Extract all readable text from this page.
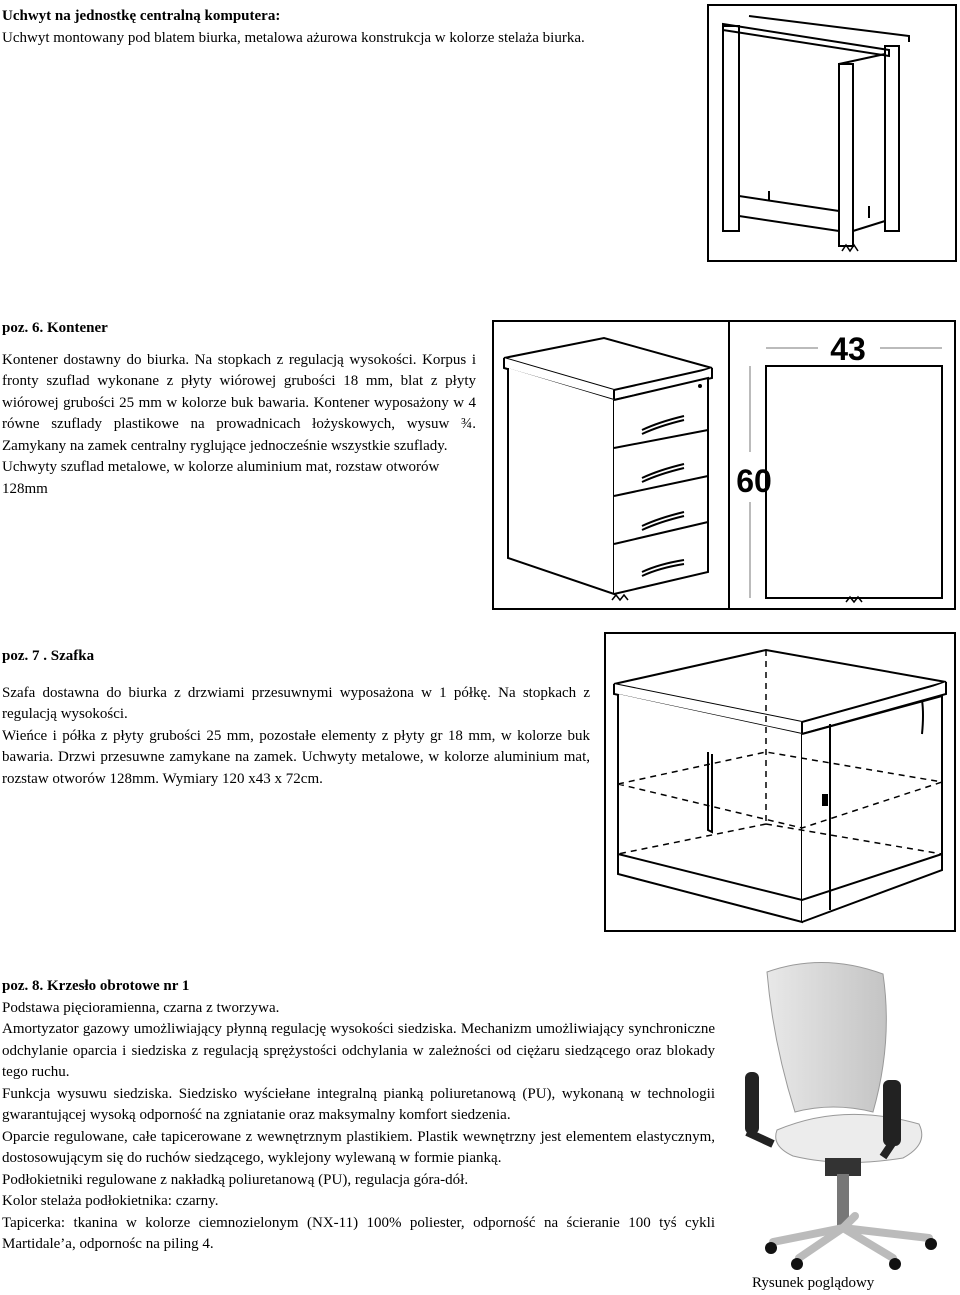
Uchwyt na jednostkę centralną komputera:

Uchwyt montowany pod blatem biurka, metalowa ażurowa konstrukcja w kolorze stelaża biurka.

poz. 6. Kontener

Kontener dostawny do biurka. Na stopkach z regulacją wysokości. Korpus i fronty szuflad wykonane z płyty wiórowej grubości 18 mm, blat z płyty wiórowej grubości 25 mm w kolorze buk bawaria. Kontener wyposażony w 4 równe szuflady plastikowe na prowadnicach łożyskowych, wysuw ¾. Zamykany na zamek centralny ryglujące jednocześnie wszystkie szuflady.

Uchwyty szuflad metalowe, w kolorze aluminium mat, rozstaw otworów 128mm

43
60

poz. 7 . Szafka

Szafa dostawna do biurka z drzwiami przesuwnymi wyposażona w 1 półkę. Na stopkach z regulacją wysokości.

Wieńce i półka z płyty grubości 25 mm, pozostałe elementy z płyty gr 18 mm, w kolorze buk bawaria. Drzwi przesuwne zamykane na zamek. Uchwyty metalowe, w kolorze aluminium mat, rozstaw otworów 128mm. Wymiary 120 x43 x 72cm.

poz. 8. Krzesło obrotowe nr 1

Podstawa pięcioramienna, czarna z tworzywa.

Amortyzator gazowy umożliwiający płynną regulację wysokości siedziska. Mechanizm umożliwiający synchroniczne odchylanie oparcia i siedziska z regulacją sprężystości odchylania w zależności od ciężaru siedzącego oraz blokady tego ruchu.

Funkcja wysuwu siedziska. Siedzisko wyściełane integralną pianką poliuretanową (PU), wykonaną w technologii gwarantującej wysoką odporność na zgniatanie oraz maksymalny komfort siedzenia.

Oparcie regulowane, całe tapicerowane z wewnętrznym plastikiem. Plastik wewnętrzny jest elementem elastycznym, dostosowującym się do ruchów siedzącego, wyklejony wylewaną w formie pianką.

Podłokietniki regulowane z nakładką poliuretanową (PU), regulacja góra-dół.

Kolor stelaża podłokietnika: czarny.

Tapicerka: tkanina w kolorze ciemnozielonym (NX-11) 100% poliester, odporność na ścieranie 100 tyś cykli Martidale’a, odpornośc na piling 4.

Rysunek poglądowy
